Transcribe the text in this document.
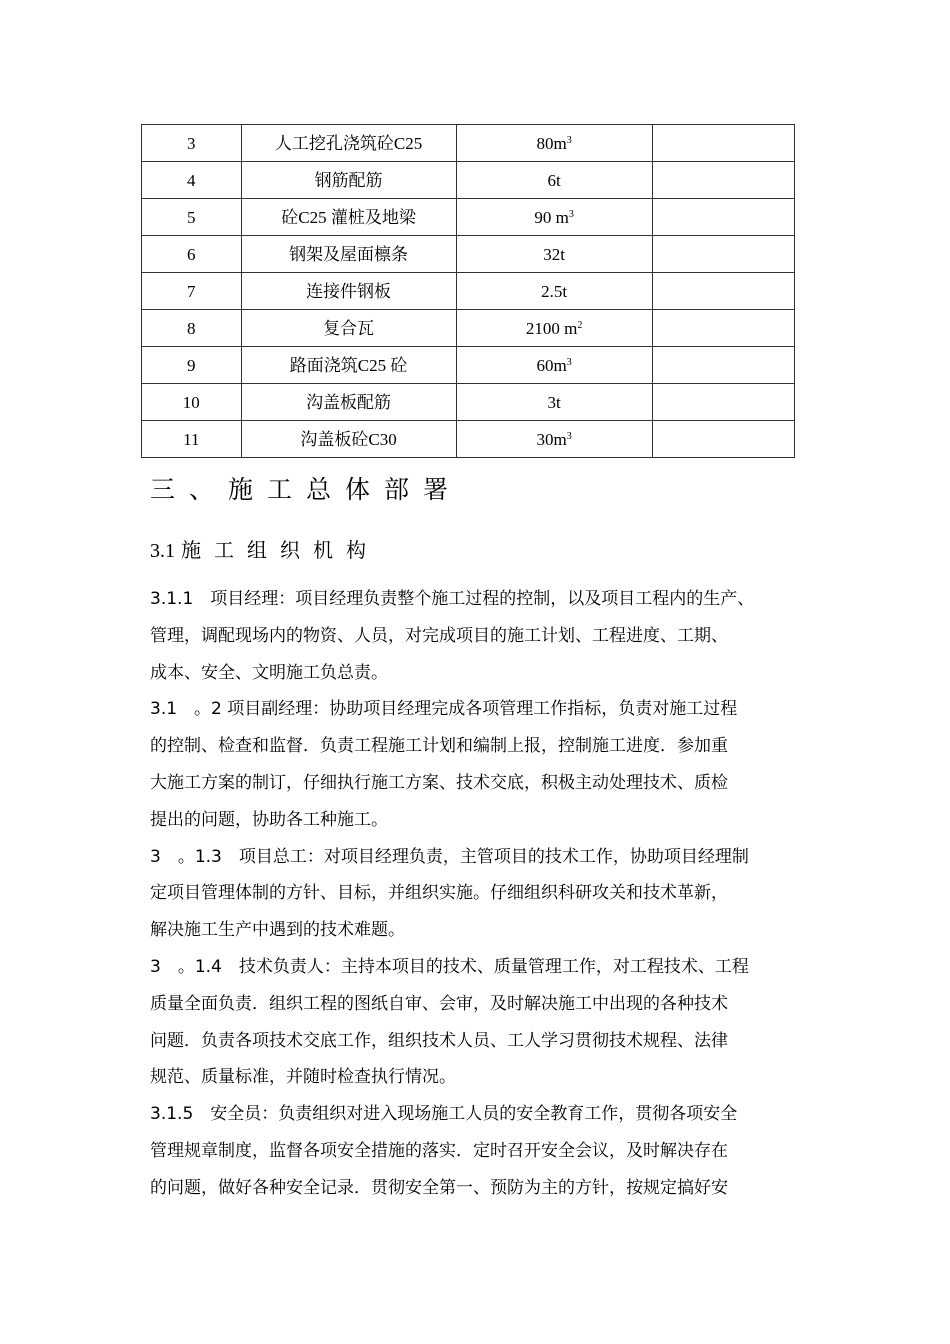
3	人工挖孔浇筑砼C25	$80m^3$	
4	钢筋配筋	6t	
5	砼C25 灌桩及地梁	90 $m^3$	
6	钢架及屋面檩条	32t	
7	连接件钢板	2.5t	
8	复合瓦	2100 $m^2$	
9	路面浇筑C25 砼	$60m^3$	
10	沟盖板配筋	3t	
11	沟盖板砼C30	$30m^3$	
三、施工总体部署
3.1 施工组织机构
3.1.1　项目经理：项目经理负责整个施工过程的控制，以及项目工程内的生产、
管理，调配现场内的物资、人员，对完成项目的施工计划、工程进度、工期、
成本、安全、文明施工负总责。
3.1　。2 项目副经理：协助项目经理完成各项管理工作指标，负责对施工过程
的控制、检查和监督．负责工程施工计划和编制上报，控制施工进度．参加重
大施工方案的制订，仔细执行施工方案、技术交底，积极主动处理技术、质检
提出的问题，协助各工种施工。
3　。1.3　项目总工：对项目经理负责，主管项目的技术工作，协助项目经理制
定项目管理体制的方针、目标，并组织实施。仔细组织科研攻关和技术革新，
解决施工生产中遇到的技术难题。
3　。1.4　技术负责人：主持本项目的技术、质量管理工作，对工程技术、工程
质量全面负责．组织工程的图纸自审、会审，及时解决施工中出现的各种技术
问题．负责各项技术交底工作，组织技术人员、工人学习贯彻技术规程、法律
规范、质量标准，并随时检查执行情况。
3.1.5　安全员：负责组织对进入现场施工人员的安全教育工作，贯彻各项安全
管理规章制度，监督各项安全措施的落实．定时召开安全会议，及时解决存在
的问题，做好各种安全记录．贯彻安全第一、预防为主的方针，按规定搞好安
